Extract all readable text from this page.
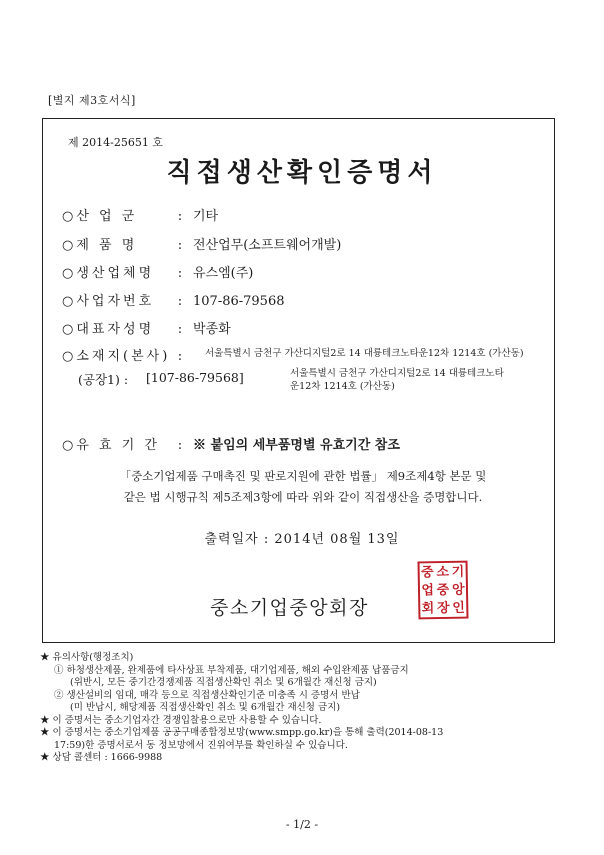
[별지 제3호서식]
제 2014-25651 호
직접생산확인증명서
○산 업 군	: 기타
○제 품 명	: 전산업무(소프트웨어개발)
○생산업체명 : 유스엠(주)
○사업자번호 : 107-86-79568
○대표자성명 : 박종화
○소재지(본사) :	서울특별시 금천구 가산디지털2로 14 대륭테크노타운12차 1214호 (가산동)
(공장1) : [107-86-79568]	서울특별시 금천구 가산디지털2로 14 대륭테크노타
운12차 1214호 (가산동)
○유 효 기 간 : ※ 붙임의 세부품명별 유효기간 참조
「중소기업제품 구매촉진 및 판로지원에 관한 법률」 제9조제4항 본문 및
같은 법 시행규칙 제5조제3항에 따라 위와 같이 직접생산을 증명합니다.
출력일자 : 2014년 08월 13일
중소기업중앙회장
중 소 기
업 중 앙
회 장 인
★ 유의사항(행정조치)
① 하청생산제품, 완제품에 타사상표 부착제품, 대기업제품, 해외 수입완제품 납품금지
(위반시, 모든 중기간경쟁제품 직접생산확인 취소 및 6개월간 재신청 금지)
② 생산설비의 임대, 매각 등으로 직접생산확인기준 미충족 시 증명서 반납
(미 반납시, 해당제품 직접생산확인 취소 및 6개월간 재신청 금지)
★ 이 증명서는 중소기업자간 경쟁입찰용으로만 사용할 수 있습니다.
★ 이 증명서는 중소기업제품 공공구매종합정보망(www.smpp.go.kr)을 통해 출력(2014-08-13
17:59)한 증명서로서 동 정보망에서 진위여부를 확인하실 수 있습니다.
★ 상담 콜센터 : 1666-9988
- 1/2 -
